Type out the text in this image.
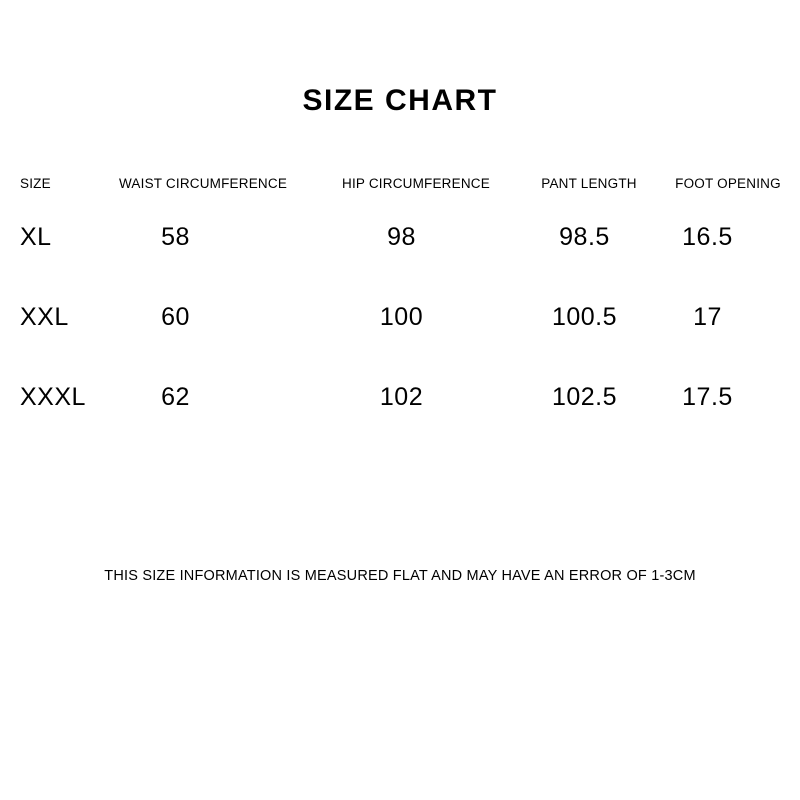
SIZE CHART
SIZE	WAIST CIRCUMFERENCE	HIP CIRCUMFERENCE	PANT LENGTH	FOOT OPENING
XL	58	98	98.5	16.5
XXL	60	100	100.5	17
XXXL	62	102	102.5	17.5
THIS SIZE INFORMATION IS MEASURED FLAT AND MAY HAVE AN ERROR OF 1-3CM
